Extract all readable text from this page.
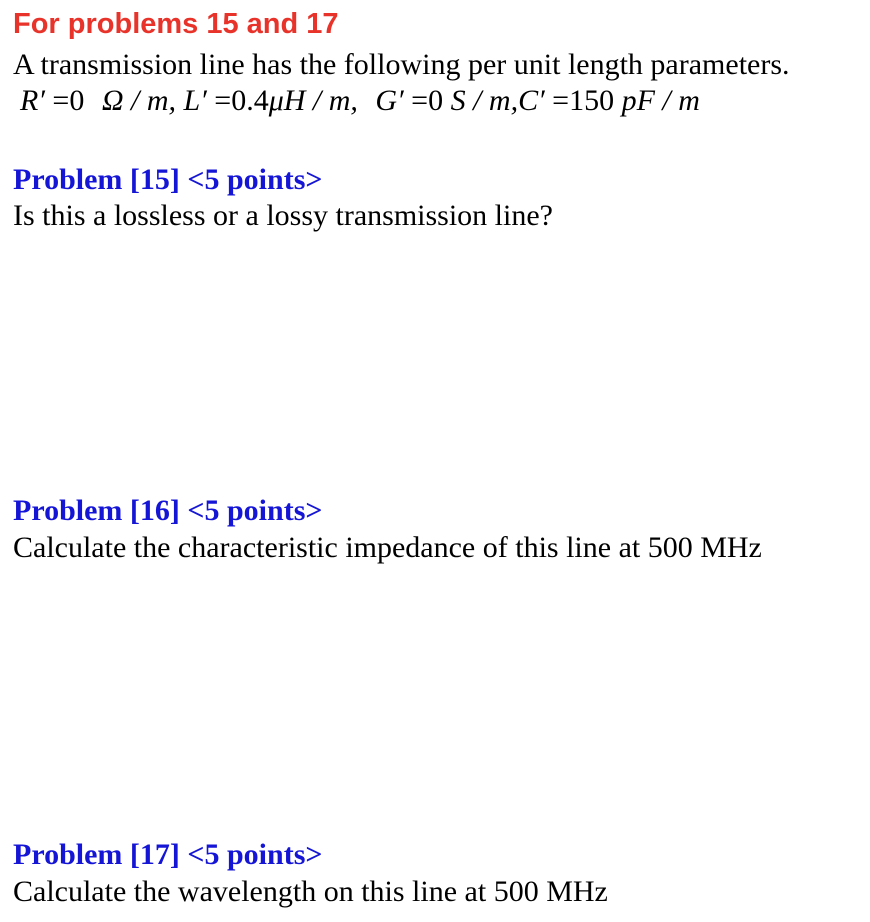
For problems 15 and 17
A transmission line has the following per unit length parameters.
R′ =0 Ω / m, L′ =0.4μH / m, G′ =0 S / m,C′ =150 pF / m
Problem [15] <5 points>
Is this a lossless or a lossy transmission line?
Problem [16] <5 points>
Calculate the characteristic impedance of this line at 500 MHz
Problem [17] <5 points>
Calculate the wavelength on this line at 500 MHz
